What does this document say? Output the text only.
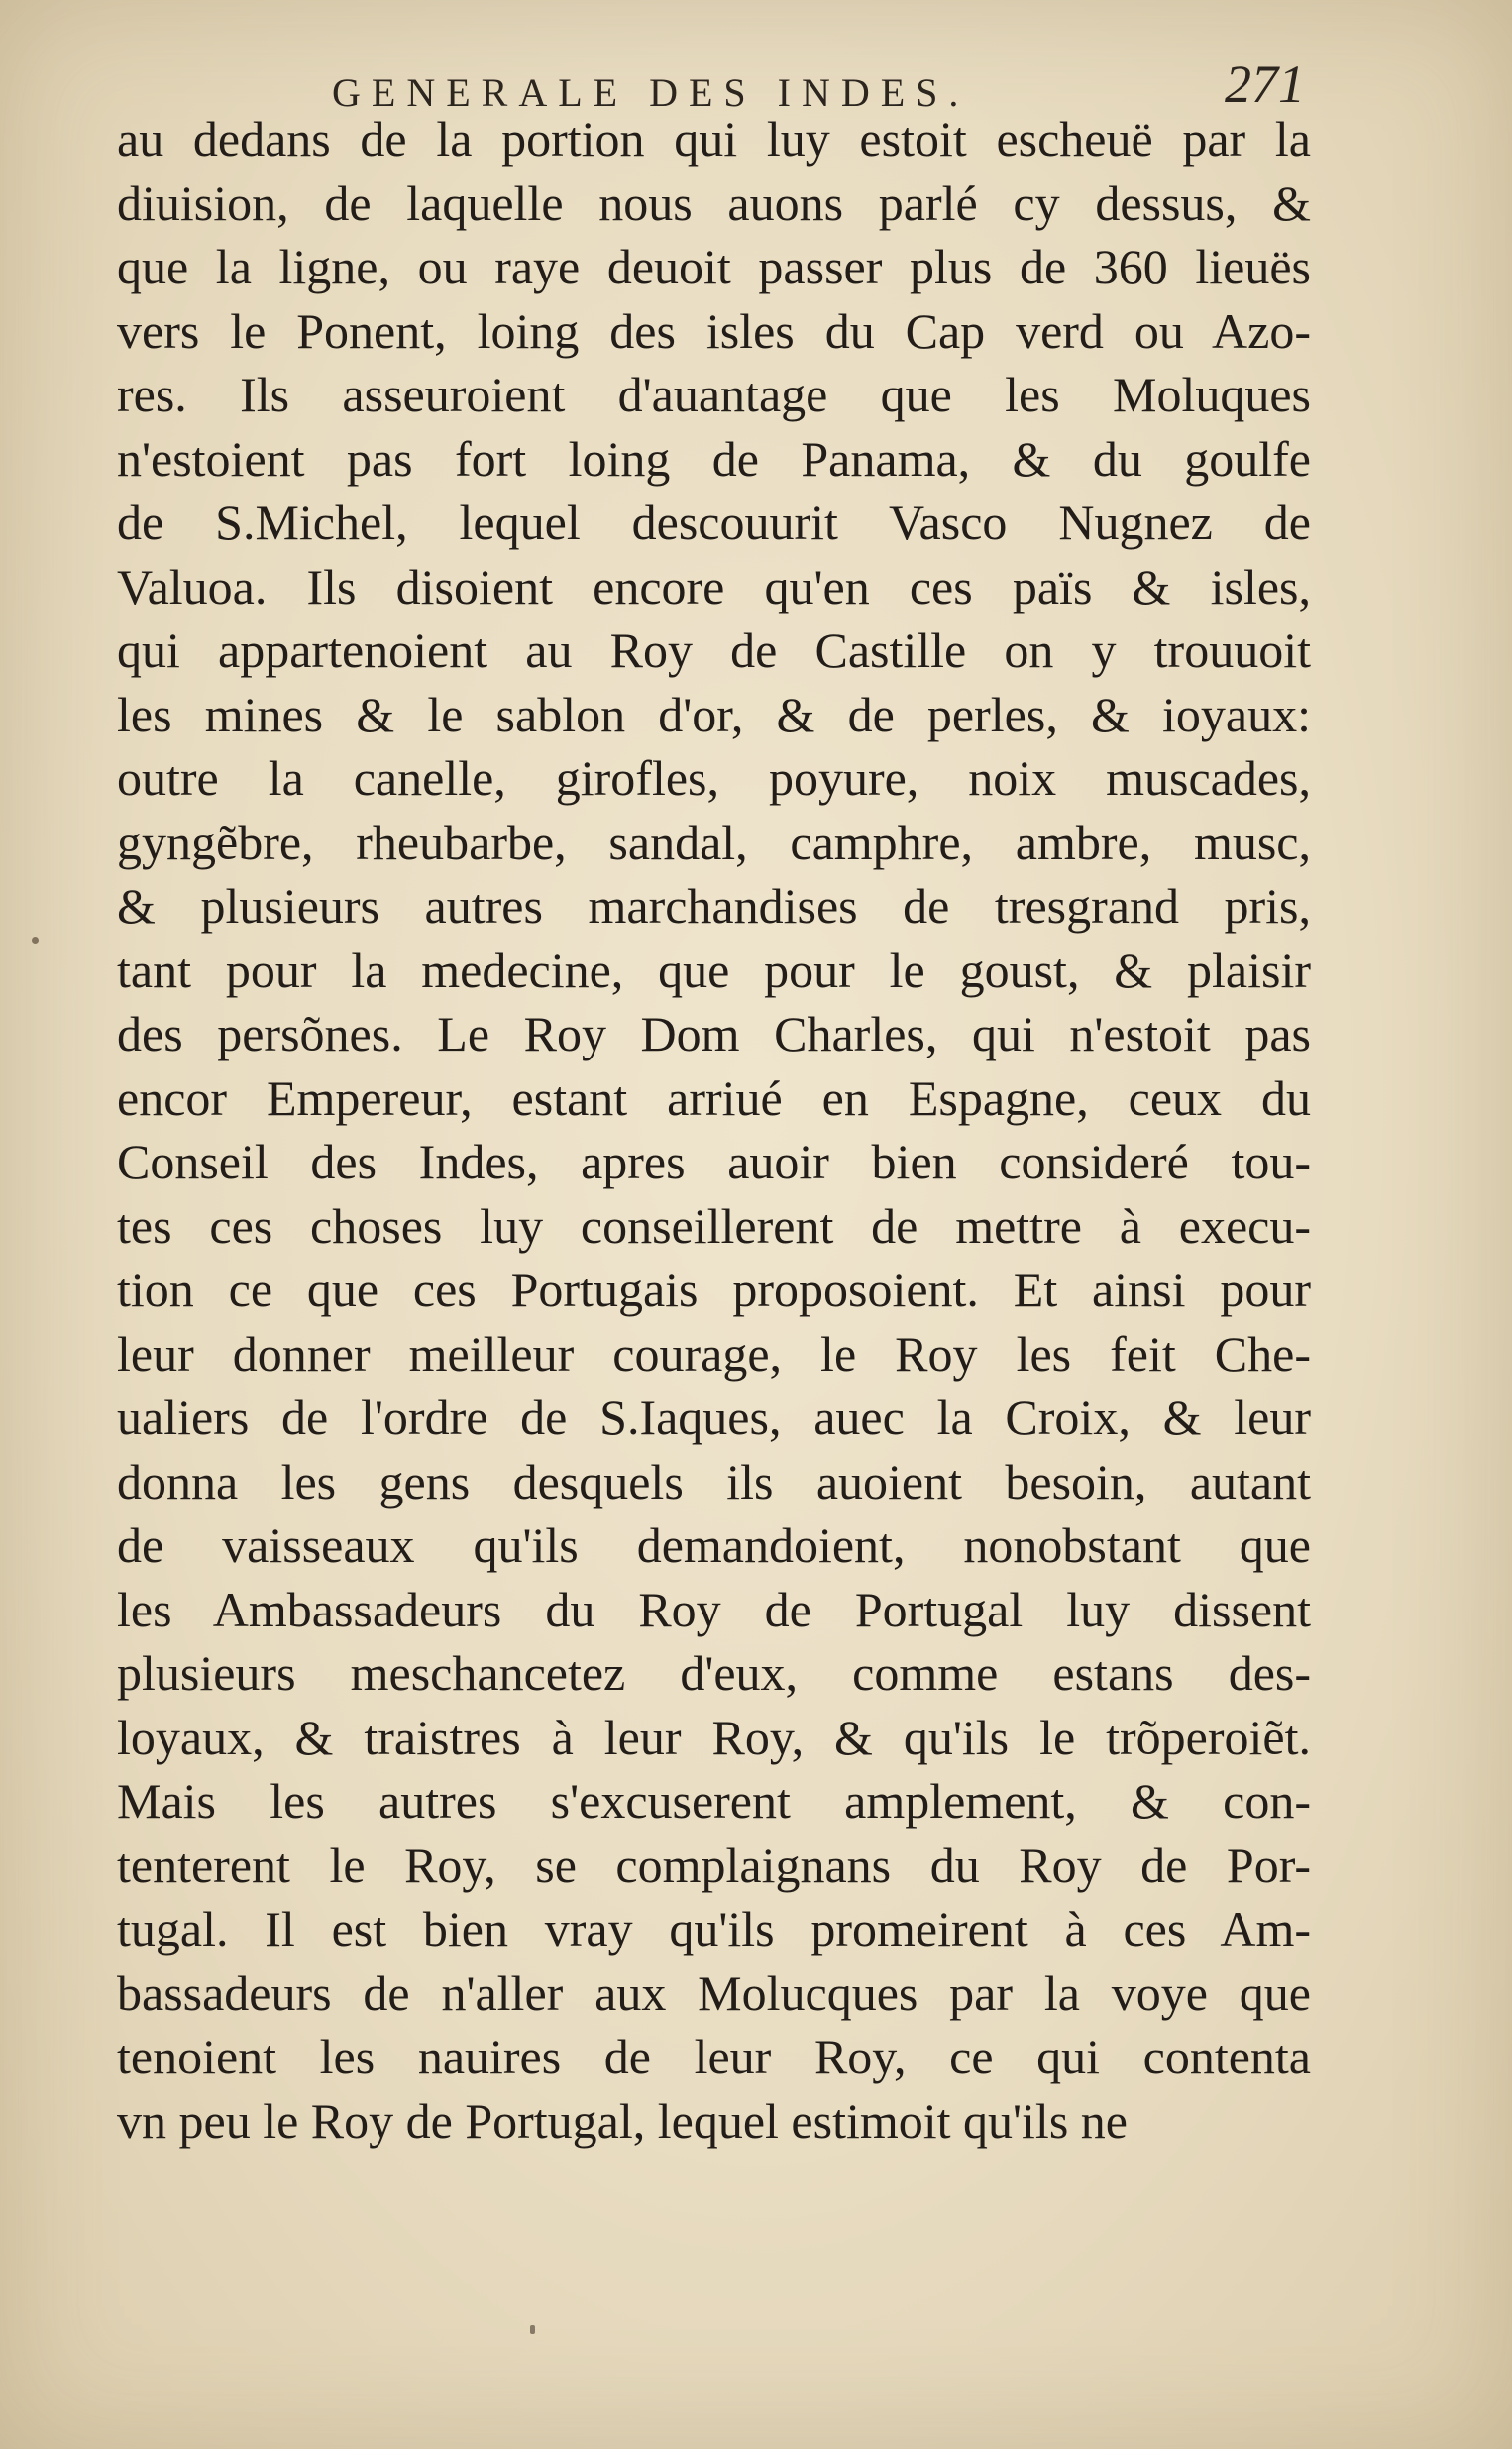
GENERALE DES INDES.	271
au dedans de la portion qui luy estoit escheuë par la
diuision, de laquelle nous auons parlé cy dessus, &
que la ligne, ou raye deuoit passer plus de 360 lieuës
vers le Ponent, loing des isles du Cap verd ou Azo-
res. Ils asseuroient d'auantage que les Moluques
n'estoient pas fort loing de Panama, & du goulfe
de S.Michel, lequel descouurit Vasco Nugnez de
Valuoa. Ils disoient encore qu'en ces païs & isles,
qui appartenoient au Roy de Castille on y trouuoit
les mines & le sablon d'or, & de perles, & ioyaux:
outre la canelle, girofles, poyure, noix muscades,
gyngẽbre, rheubarbe, sandal, camphre, ambre, musc,
& plusieurs autres marchandises de tresgrand pris,
tant pour la medecine, que pour le goust, & plaisir
des persõnes. Le Roy Dom Charles, qui n'estoit pas
encor Empereur, estant arriué en Espagne, ceux du
Conseil des Indes, apres auoir bien consideré tou-
tes ces choses luy conseillerent de mettre à execu-
tion ce que ces Portugais proposoient. Et ainsi pour
leur donner meilleur courage, le Roy les feit Che-
ualiers de l'ordre de S.Iaques, auec la Croix, & leur
donna les gens desquels ils auoient besoin, autant
de vaisseaux qu'ils demandoient, nonobstant que
les Ambassadeurs du Roy de Portugal luy dissent
plusieurs meschancetez d'eux, comme estans des-
loyaux, & traistres à leur Roy, & qu'ils le trõperoiẽt.
Mais les autres s'excuserent amplement, & con-
tenterent le Roy, se complaignans du Roy de Por-
tugal. Il est bien vray qu'ils promeirent à ces Am-
bassadeurs de n'aller aux Molucques par la voye que
tenoient les nauires de leur Roy, ce qui contenta
vn peu le Roy de Portugal, lequel estimoit qu'ils ne
